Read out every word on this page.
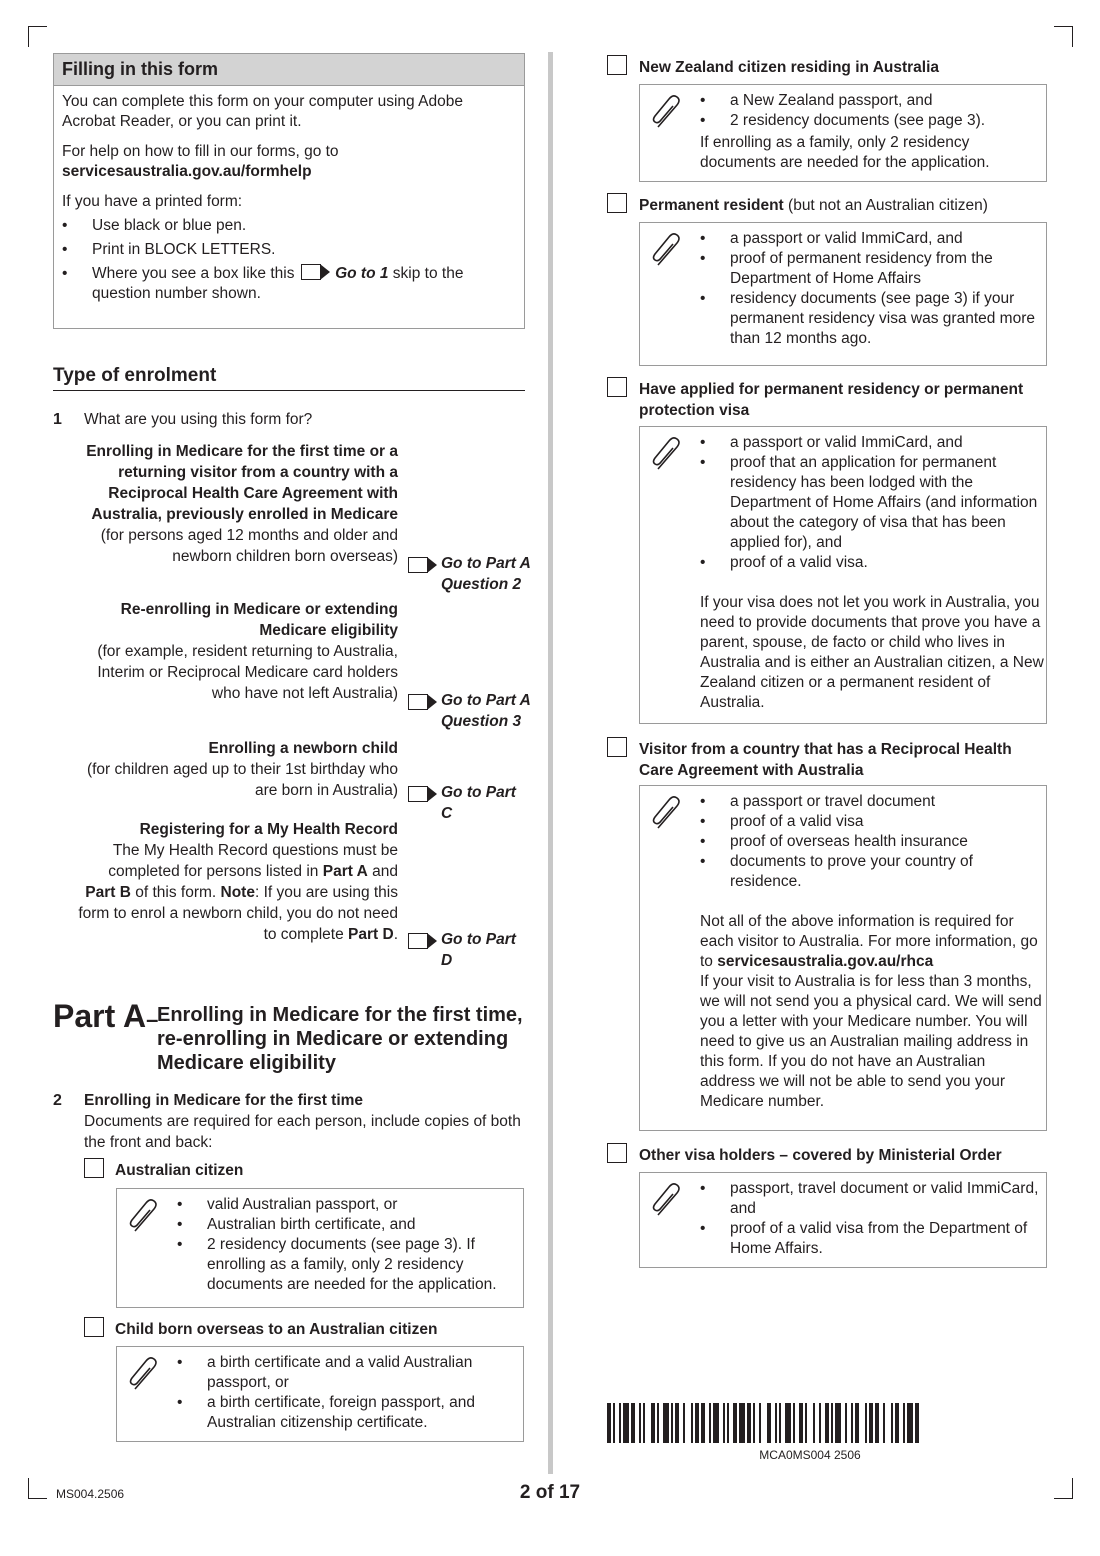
Filling in this form

You can complete this form on your computer using Adobe Acrobat Reader, or you can print it.

For help on how to fill in our forms, go to
servicesaustralia.gov.au/formhelp

If you have a printed form:

• Use black or blue pen.
• Print in BLOCK LETTERS.
• Where you see a box like this	Go to 1 skip to the question number shown.
Type of enrolment
1 What are you using this form for?
Enrolling in Medicare for the first time or a returning visitor from a country with a Reciprocal Health Care Agreement with Australia, previously enrolled in Medicare
(for persons aged 12 months and older and newborn children born overseas)	Go to Part A Question 2
Re-enrolling in Medicare or extending Medicare eligibility
(for example, resident returning to Australia, Interim or Reciprocal Medicare card holders who have not left Australia)	Go to Part A Question 3
Enrolling a newborn child
(for children aged up to their 1st birthday who are born in Australia)	Go to Part C
Registering for a My Health Record
The My Health Record questions must be completed for persons listed in Part A and Part B of this form. Note: If you are using this form to enrol a newborn child, you do not need to complete Part D.	Go to Part D
Part A–
Enrolling in Medicare for the first time, re-enrolling in Medicare or extending Medicare eligibility
2 Enrolling in Medicare for the first time
Documents are required for each person, include copies of both the front and back:
Australian citizen
• valid Australian passport, or
• Australian birth certificate, and
• 2 residency documents (see page 3). If enrolling as a family, only 2 residency documents are needed for the application.
Child born overseas to an Australian citizen
• a birth certificate and a valid Australian passport, or
• a birth certificate, foreign passport, and Australian citizenship certificate.
New Zealand citizen residing in Australia
• a New Zealand passport, and
• 2 residency documents (see page 3).

If enrolling as a family, only 2 residency documents are needed for the application.

Permanent resident (but not an Australian citizen)
• a passport or valid ImmiCard, and
• proof of permanent residency from the Department of Home Affairs
• residency documents (see page 3) if your permanent residency visa was granted more than 12 months ago.
Have applied for permanent residency or permanent protection visa
• a passport or valid ImmiCard, and
• proof that an application for permanent residency has been lodged with the Department of Home Affairs (and information about the category of visa that has been applied for), and
• proof of a valid visa.

If your visa does not let you work in Australia, you need to provide documents that prove you have a parent, spouse, de facto or child who lives in Australia and is either an Australian citizen, a New Zealand citizen or a permanent resident of Australia.

Visitor from a country that has a Reciprocal Health Care Agreement with Australia
• a passport or travel document
• proof of a valid visa
• proof of overseas health insurance
• documents to prove your country of residence.

Not all of the above information is required for each visitor to Australia. For more information, go to servicesaustralia.gov.au/rhca
If your visit to Australia is for less than 3 months, we will not send you a physical card. We will send you a letter with your Medicare number. You will need to give us an Australian mailing address in this form. If you do not have an Australian address we will not be able to send you your Medicare number.

Other visa holders – covered by Ministerial Order
• passport, travel document or valid ImmiCard, and
• proof of a valid visa from the Department of Home Affairs.
MCA0MS004 2506
MS004.2506	2 of 17
